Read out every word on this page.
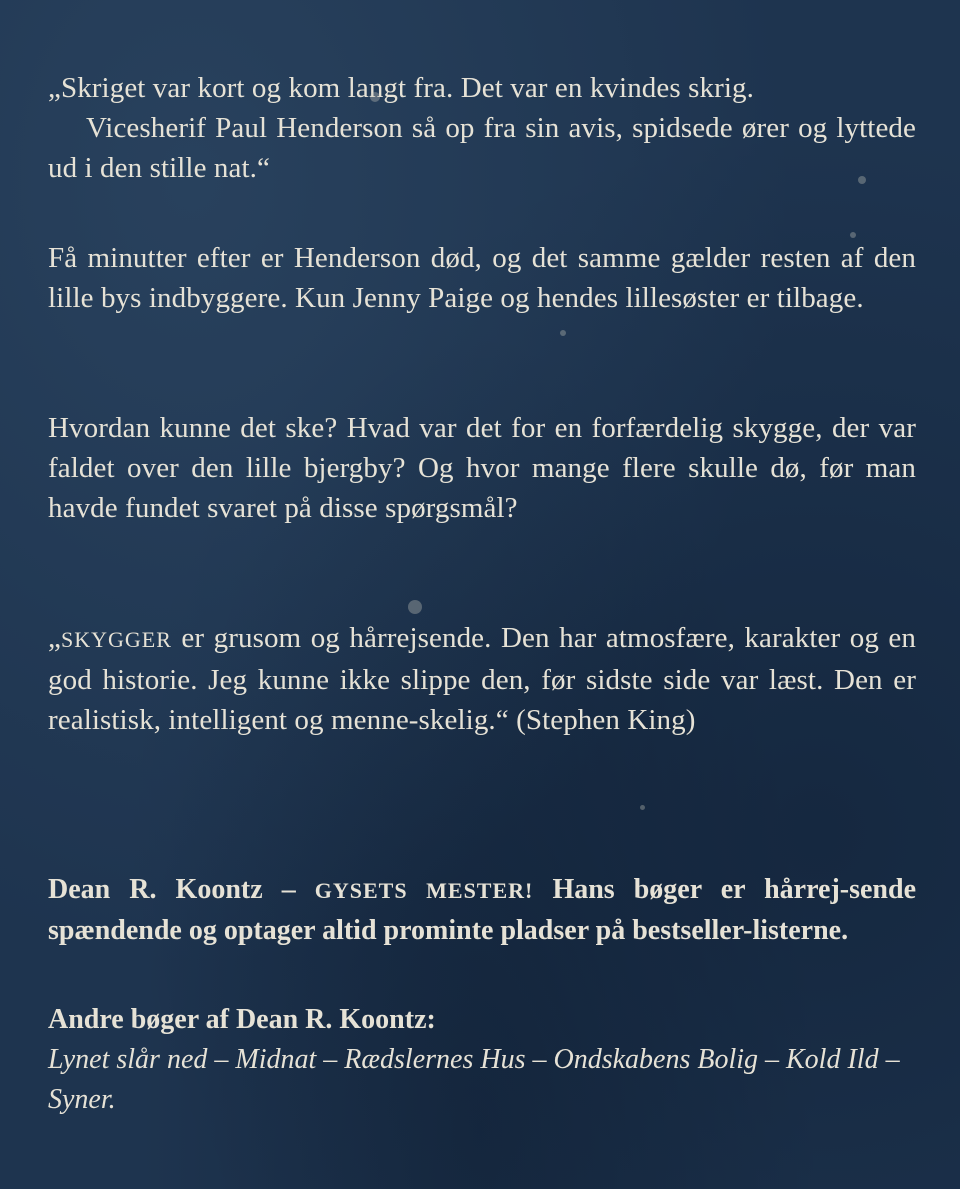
„Skriget var kort og kom langt fra. Det var en kvindes skrig.
Vicesherif Paul Henderson så op fra sin avis, spidsede ører og lyttede ud i den stille nat.“

Få minutter efter er Henderson død, og det samme gælder resten af den lille bys indbyggere. Kun Jenny Paige og hendes lillesøster er tilbage.

Hvordan kunne det ske? Hvad var det for en forfærdelig skygge, der var faldet over den lille bjergby? Og hvor mange flere skulle dø, før man havde fundet svaret på disse spørgsmål?

„SKYGGER er grusom og hårrejsende. Den har atmosfære, karakter og en god historie. Jeg kunne ikke slippe den, før sidste side var læst. Den er realistisk, intelligent og menne-skelig.“ (Stephen King)

Dean R. Koontz – GYSETS MESTER! Hans bøger er hårrej-sende spændende og optager altid prominte pladser på bestseller-listerne.

Andre bøger af Dean R. Koontz:

Lynet slår ned – Midnat – Rædslernes Hus – Ondskabens Bolig – Kold Ild – Syner.
